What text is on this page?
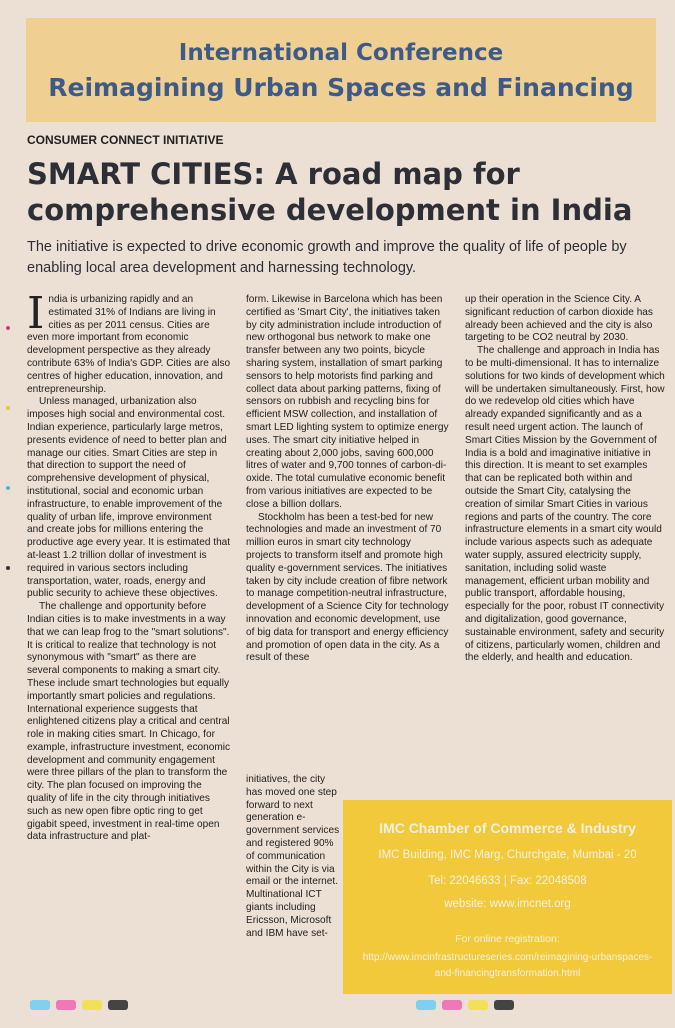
International Conference
Reimagining Urban Spaces and Financing
CONSUMER CONNECT INITIATIVE
SMART CITIES: A road map for
comprehensive development in India
The initiative is expected to drive economic growth and improve the quality of life of people by enabling local area development and harnessing technology.

India is urbanizing rapidly and an estimated 31% of Indians are living in cities as per 2011 census. Cities are even more important from economic development perspective as they already contribute 63% of India's GDP. Cities are also centres of higher education, innovation, and entrepreneurship.

Unless managed, urbanization also imposes high social and environmental cost. Indian experience, particularly large metros, presents evidence of need to better plan and manage our cities. Smart Cities are step in that direction to support the need of comprehensive development of physical, institutional, social and economic urban infrastructure, to enable improvement of the quality of urban life, improve environment and create jobs for millions entering the productive age every year. It is estimated that at-least 1.2 trillion dollar of investment is required in various sectors including transportation, water, roads, energy and public security to achieve these objectives.

The challenge and opportunity before Indian cities is to make investments in a way that we can leap frog to the "smart solutions". It is critical to realize that technology is not synonymous with "smart" as there are several components to making a smart city. These include smart technologies but equally importantly smart policies and regulations. International experience suggests that enlightened citizens play a critical and central role in making cities smart. In Chicago, for example, infrastructure investment, economic development and community engagement were three pillars of the plan to transform the city. The plan focused on improving the quality of life in the city through initiatives such as new open fibre optic ring to get gigabit speed, investment in real-time open data infrastructure and plat-

form. Likewise in Barcelona which has been certified as 'Smart City', the initiatives taken by city administration include introduction of new orthogonal bus network to make one transfer between any two points, bicycle sharing system, installation of smart parking sensors to help motorists find parking and collect data about parking patterns, fixing of sensors on rubbish and recycling bins for efficient MSW collection, and installation of smart LED lighting system to optimize energy uses. The smart city initiative helped in creating about 2,000 jobs, saving 600,000 litres of water and 9,700 tonnes of carbon-di-oxide. The total cumulative economic benefit from various initiatives are expected to be close a billion dollars.

Stockholm has been a test-bed for new technologies and made an investment of 70 million euros in smart city technology projects to transform itself and promote high quality e-government services. The initiatives taken by city include creation of fibre network to manage competition-neutral infrastructure, development of a Science City for technology innovation and economic development, use of big data for transport and energy efficiency and promotion of open data in the city. As a result of these

initiatives, the city has moved one step forward to next generation e-government services and registered 90% of communication within the City is via email or the internet. Multinational ICT giants including Ericsson, Microsoft and IBM have set-

up their operation in the Science City. A significant reduction of carbon dioxide has already been achieved and the city is also targeting to be CO2 neutral by 2030.

The challenge and approach in India has to be multi-dimensional. It has to internalize solutions for two kinds of development which will be undertaken simultaneously. First, how do we redevelop old cities which have already expanded significantly and as a result need urgent action. The launch of Smart Cities Mission by the Government of India is a bold and imaginative initiative in this direction. It is meant to set examples that can be replicated both within and outside the Smart City, catalysing the creation of similar Smart Cities in various regions and parts of the country. The core infrastructure elements in a smart city would include various aspects such as adequate water supply, assured electricity supply, sanitation, including solid waste management, efficient urban mobility and public transport, affordable housing, especially for the poor, robust IT connectivity and digitalization, good governance, sustainable environment, safety and security of citizens, particularly women, children and the elderly, and health and education.

IMC Chamber of Commerce & Industry
IMC Building, IMC Marg, Churchgate, Mumbai - 20
Tel: 22046633 | Fax: 22048508
website: www.imcnet.org
For online registration:
http://www.imcinfrastructureseries.com/reimagining-urbanspaces-and-financingtransformation.html
